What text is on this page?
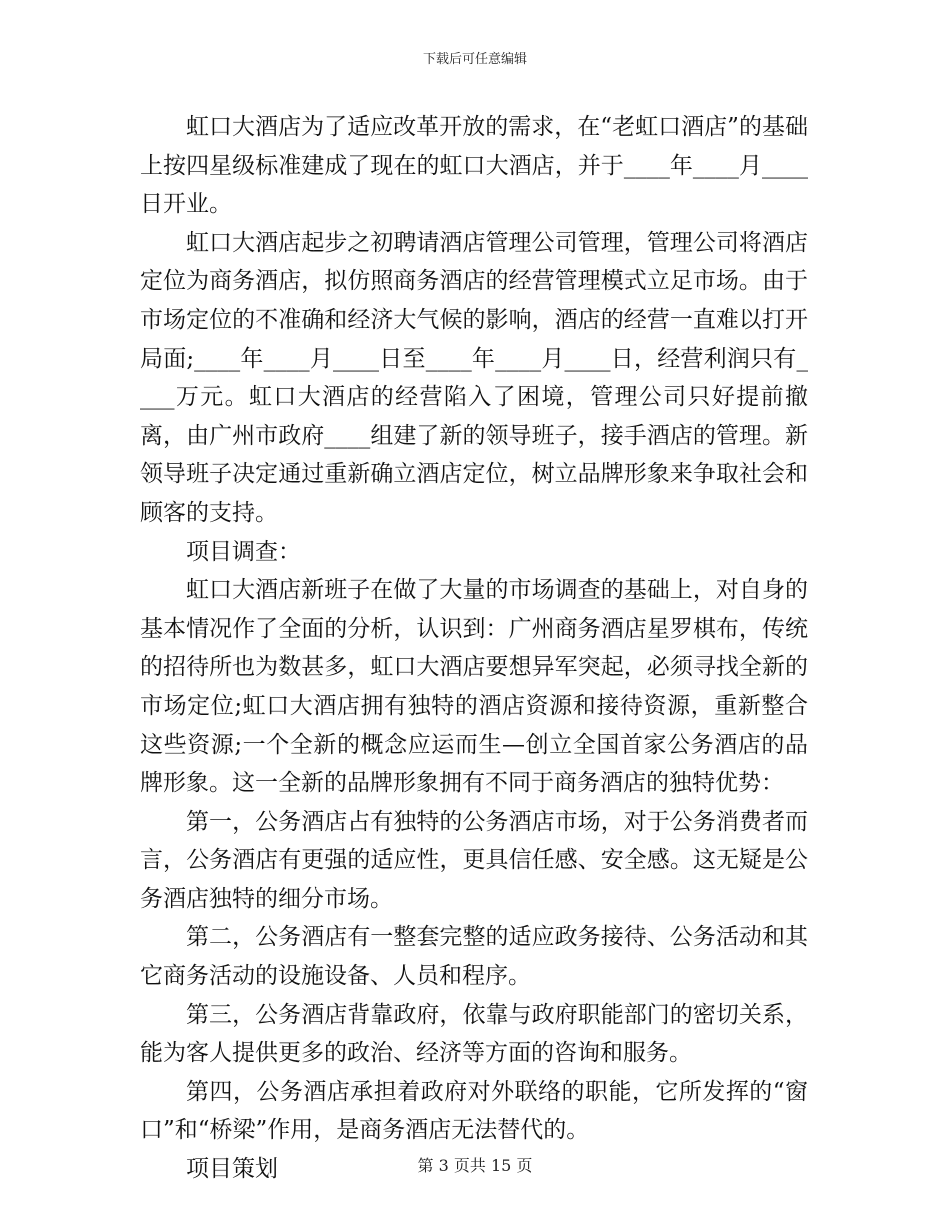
下载后可任意编辑

虹口大酒店为了适应改革开放的需求，在“老虹口酒店”的基础上按四星级标准建成了现在的虹口大酒店，并于____年____月____日开业。

虹口大酒店起步之初聘请酒店管理公司管理，管理公司将酒店定位为商务酒店，拟仿照商务酒店的经营管理模式立足市场。由于市场定位的不准确和经济大气候的影响，酒店的经营一直难以打开局面;____年____月____日至____年____月____日，经营利润只有____万元。虹口大酒店的经营陷入了困境，管理公司只好提前撤离，由广州市政府____组建了新的领导班子，接手酒店的管理。新领导班子决定通过重新确立酒店定位，树立品牌形象来争取社会和顾客的支持。

项目调查：

虹口大酒店新班子在做了大量的市场调查的基础上，对自身的基本情况作了全面的分析，认识到：广州商务酒店星罗棋布，传统的招待所也为数甚多，虹口大酒店要想异军突起，必须寻找全新的市场定位;虹口大酒店拥有独特的酒店资源和接待资源，重新整合这些资源;一个全新的概念应运而生—创立全国首家公务酒店的品牌形象。这一全新的品牌形象拥有不同于商务酒店的独特优势：

第一，公务酒店占有独特的公务酒店市场，对于公务消费者而言，公务酒店有更强的适应性，更具信任感、安全感。这无疑是公务酒店独特的细分市场。

第二，公务酒店有一整套完整的适应政务接待、公务活动和其它商务活动的设施设备、人员和程序。

第三，公务酒店背靠政府，依靠与政府职能部门的密切关系，能为客人提供更多的政治、经济等方面的咨询和服务。

第四，公务酒店承担着政府对外联络的职能，它所发挥的“窗口”和“桥梁”作用，是商务酒店无法替代的。

项目策划	第 3 页共 15 页
